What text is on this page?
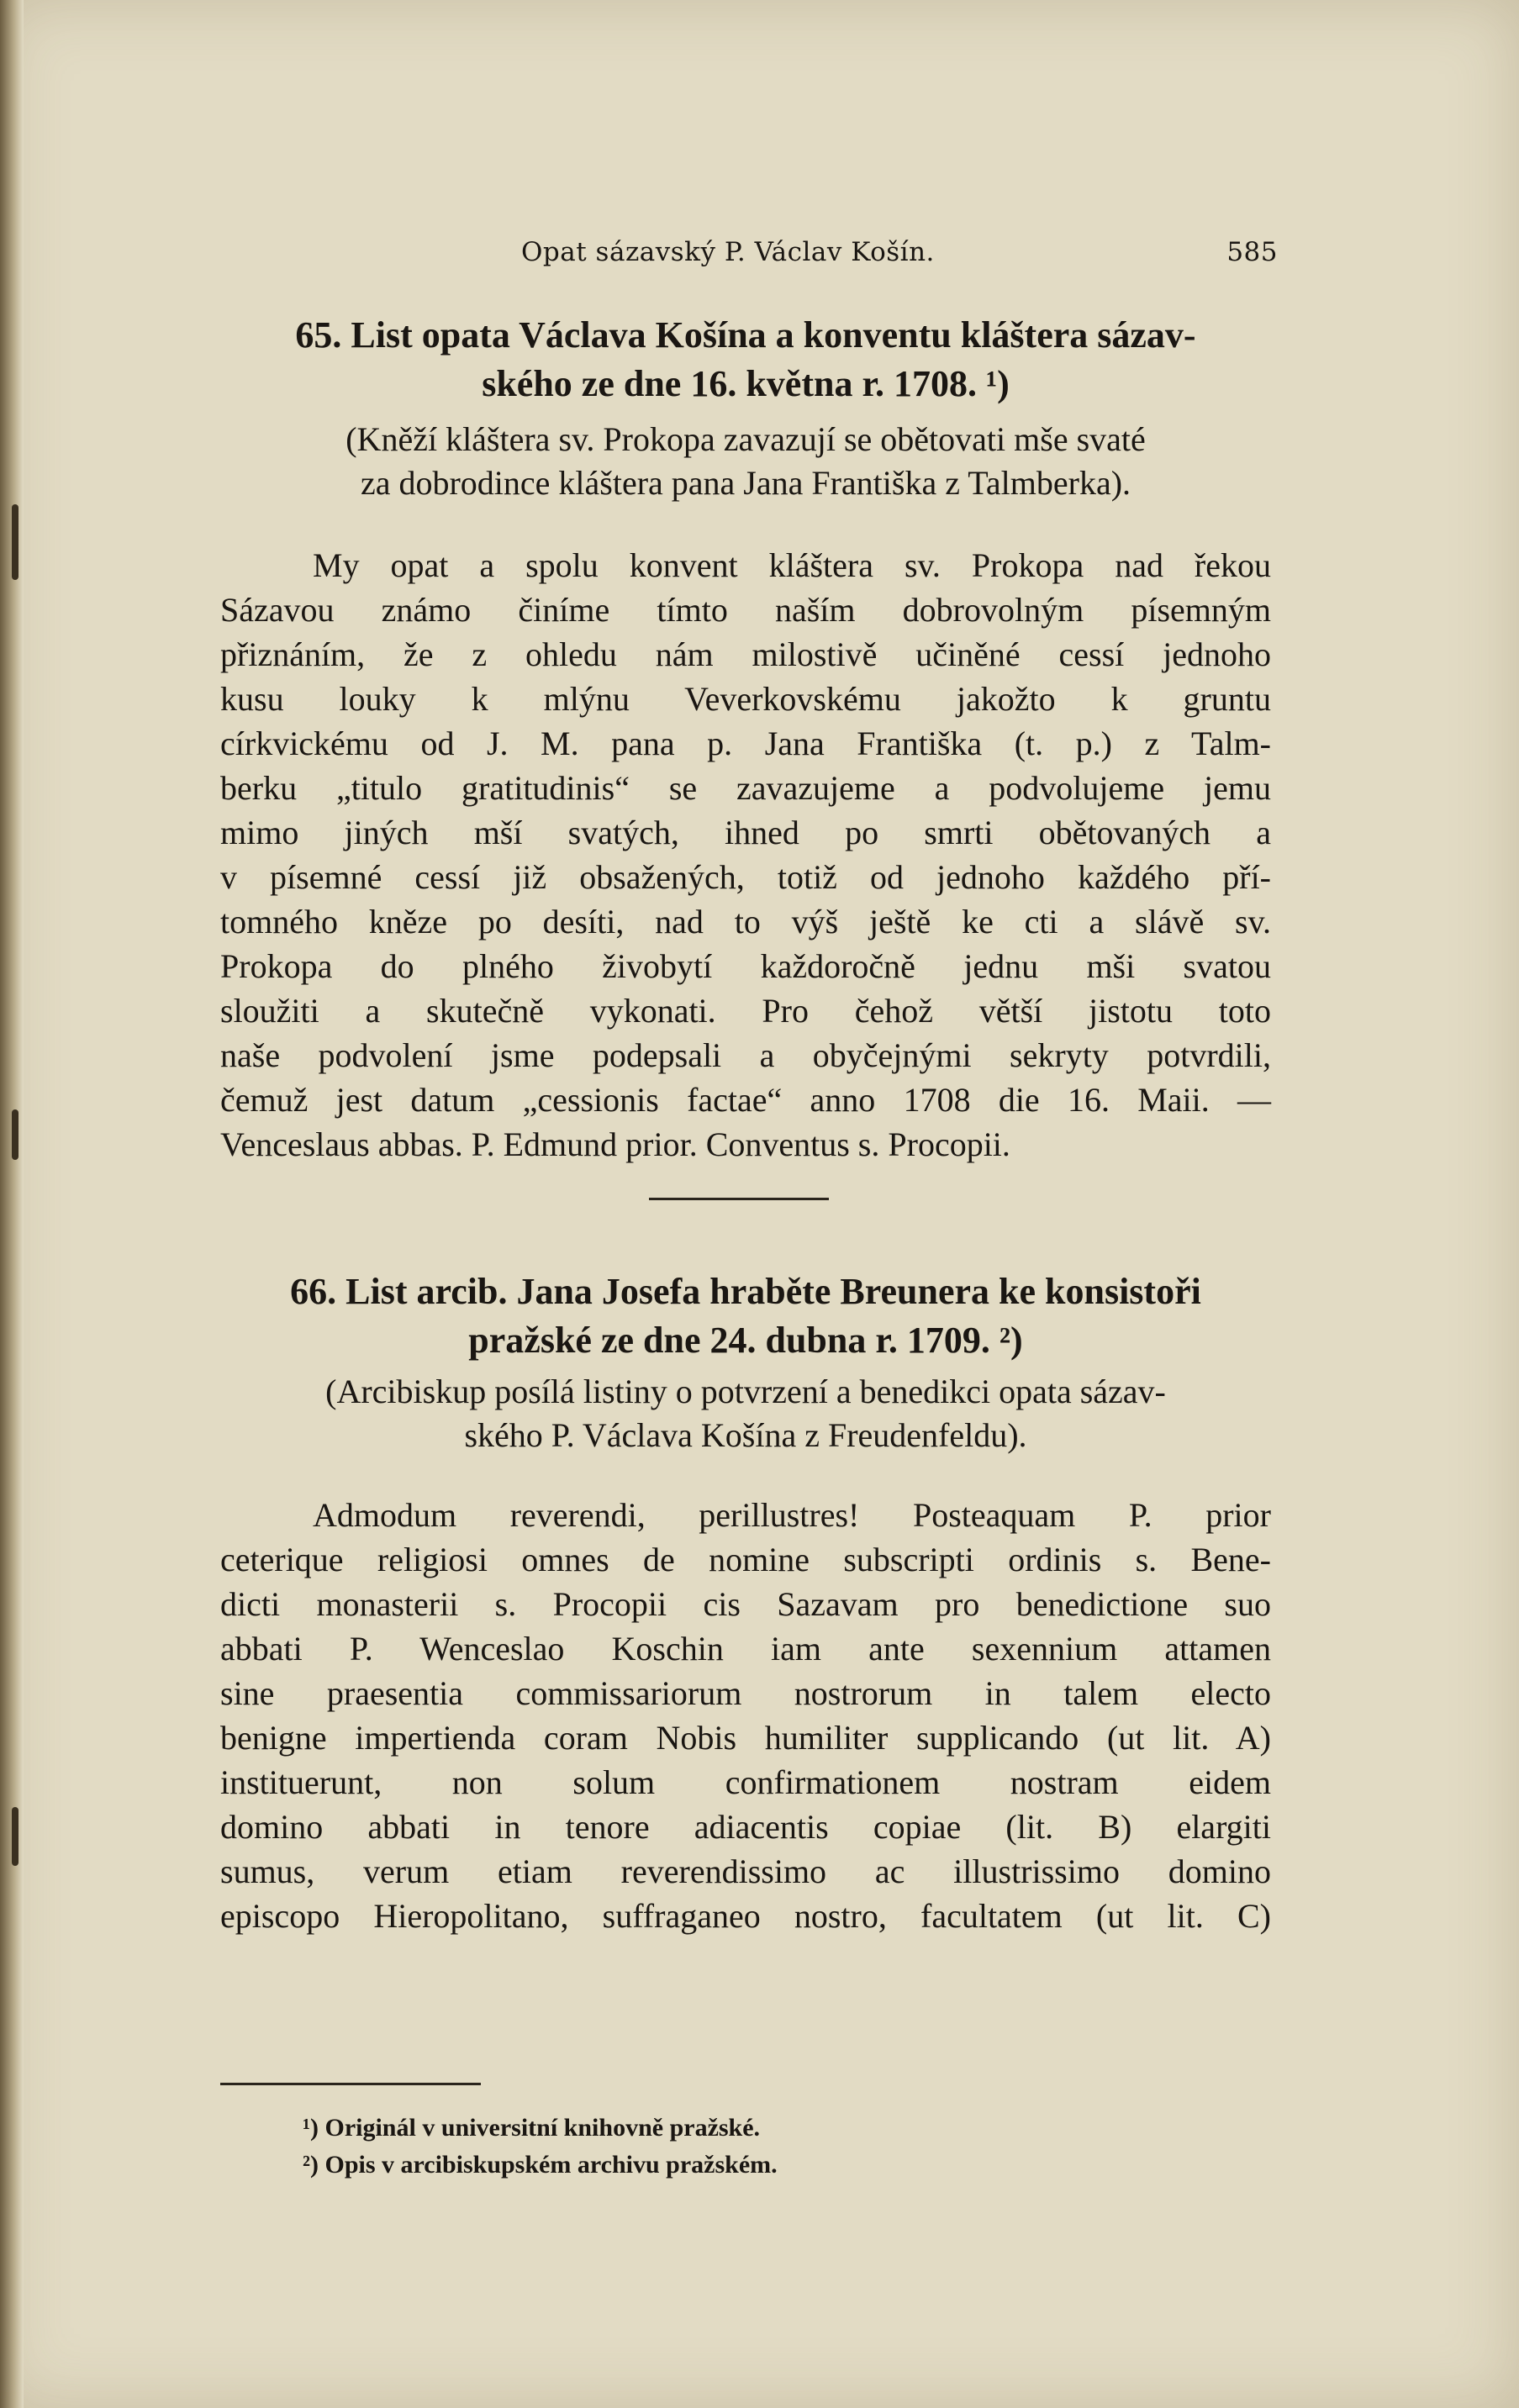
Opat sázavský P. Václav Košín.	585
65. List opata Václava Košína a konventu kláštera sázav-
ského ze dne 16. května r. 1708. ¹)
(Kněží kláštera sv. Prokopa zavazují se obětovati mše svaté
za dobrodince kláštera pana Jana Františka z Talmberka).
My opat a spolu konvent kláštera sv. Prokopa nad řekou
Sázavou známo činíme tímto naším dobrovolným písemným
přiznáním, že z ohledu nám milostivě učiněné cessí jednoho
kusu louky k mlýnu Veverkovskému jakožto k gruntu
církvickému od J. M. pana p. Jana Františka (t. p.) z Talm-
berku „titulo gratitudinis“ se zavazujeme a podvolujeme jemu
mimo jiných mší svatých, ihned po smrti obětovaných a
v písemné cessí již obsažených, totiž od jednoho každého pří-
tomného kněze po desíti, nad to výš ještě ke cti a slávě sv.
Prokopa do plného živobytí každoročně jednu mši svatou
sloužiti a skutečně vykonati. Pro čehož větší jistotu toto
naše podvolení jsme podepsali a obyčejnými sekryty potvrdili,
čemuž jest datum „cessionis factae“ anno 1708 die 16. Maii. —
Venceslaus abbas. P. Edmund prior. Conventus s. Procopii.
66. List arcib. Jana Josefa hraběte Breunera ke konsistoři
pražské ze dne 24. dubna r. 1709. ²)
(Arcibiskup posílá listiny o potvrzení a benedikci opata sázav-
ského P. Václava Košína z Freudenfeldu).
Admodum reverendi, perillustres! Posteaquam P. prior
ceterique religiosi omnes de nomine subscripti ordinis s. Bene-
dicti monasterii s. Procopii cis Sazavam pro benedictione suo
abbati P. Wenceslao Koschin iam ante sexennium attamen
sine praesentia commissariorum nostrorum in talem electo
benigne impertienda coram Nobis humiliter supplicando (ut lit. A)
instituerunt, non solum confirmationem nostram eidem
domino abbati in tenore adiacentis copiae (lit. B) elargiti
sumus, verum etiam reverendissimo ac illustrissimo domino
episcopo Hieropolitano, suffraganeo nostro, facultatem (ut lit. C)
¹) Originál v universitní knihovně pražské.
²) Opis v arcibiskupském archivu pražském.
